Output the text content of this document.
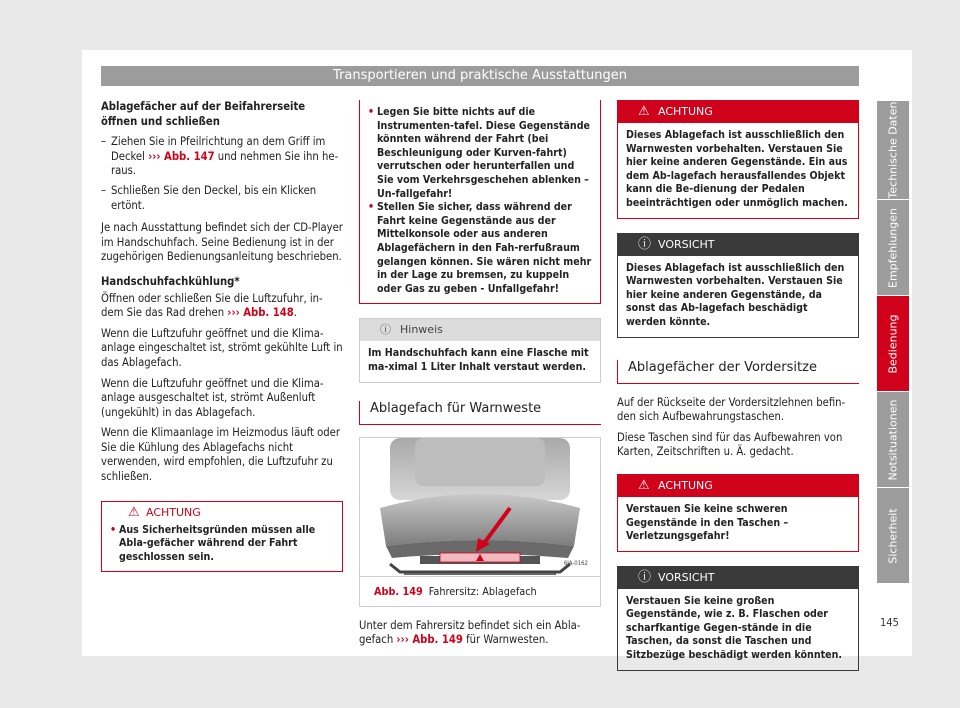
Transportieren und praktische Ausstattungen

Ablagefächer auf der Beifahrerseite öffnen und schließen

– Ziehen Sie in Pfeilrichtung an dem Griff im Deckel ››› Abb. 147 und nehmen Sie ihn he-raus.
– Schließen Sie den Deckel, bis ein Klicken ertönt.

Je nach Ausstattung befindet sich der CD-Player im Handschuhfach. Seine Bedienung ist in der zugehörigen Bedienungsanleitung beschrieben.

Handschuhfachkühlung*

Öffnen oder schließen Sie die Luftzufuhr, in-dem Sie das Rad drehen ››› Abb. 148.

Wenn die Luftzufuhr geöffnet und die Klima-anlage eingeschaltet ist, strömt gekühlte Luft in das Ablagefach.

Wenn die Luftzufuhr geöffnet und die Klima-anlage ausgeschaltet ist, strömt Außenluft (ungekühlt) in das Ablagefach.

Wenn die Klimaanlage im Heizmodus läuft oder Sie die Kühlung des Ablagefachs nicht verwenden, wird empfohlen, die Luftzufuhr zu schließen.

⚠ ACHTUNG
• Aus Sicherheitsgründen müssen alle Abla-gefächer während der Fahrt geschlossen sein.
• Legen Sie bitte nichts auf die Instrumenten-tafel. Diese Gegenstände könnten während der Fahrt (bei Beschleunigung oder Kurven-fahrt) verrutschen oder herunterfallen und Sie vom Verkehrsgeschehen ablenken – Un-fallgefahr!
• Stellen Sie sicher, dass während der Fahrt keine Gegenstände aus der Mittelkonsole oder aus anderen Ablagefächern in den Fah-rerfußraum gelangen können. Sie wären nicht mehr in der Lage zu bremsen, zu kuppeln oder Gas zu geben - Unfallgefahr!
ⓘ Hinweis
Im Handschuhfach kann eine Flasche mit ma-ximal 1 Liter Inhalt verstaut werden.
Ablagefach für Warnweste
6JA-0162
Abb. 149 Fahrersitz: Ablagefach

Unter dem Fahrersitz befindet sich ein Abla-gefach ››› Abb. 149 für Warnwesten.

⚠ ACHTUNG
Dieses Ablagefach ist ausschließlich den Warnwesten vorbehalten. Verstauen Sie hier keine anderen Gegenstände. Ein aus dem Ab-lagefach herausfallendes Objekt kann die Be-dienung der Pedalen beeinträchtigen oder unmöglich machen.
ⓘ VORSICHT
Dieses Ablagefach ist ausschließlich den Warnwesten vorbehalten. Verstauen Sie hier keine anderen Gegenstände, da sonst das Ab-lagefach beschädigt werden könnte.
Ablagefächer der Vordersitze

Auf der Rückseite der Vordersitzlehnen befin-den sich Aufbewahrungstaschen.

Diese Taschen sind für das Aufbewahren von Karten, Zeitschriften u. Ä. gedacht.

⚠ ACHTUNG
Verstauen Sie keine schweren Gegenstände in den Taschen – Verletzungsgefahr!
ⓘ VORSICHT
Verstauen Sie keine großen Gegenstände, wie z. B. Flaschen oder scharfkantige Gegen-stände in die Taschen, da sonst die Taschen und Sitzbezüge beschädigt werden könnten.
Technische Daten
Empfehlungen
Bedienung
Notsituationen
Sicherheit
145
